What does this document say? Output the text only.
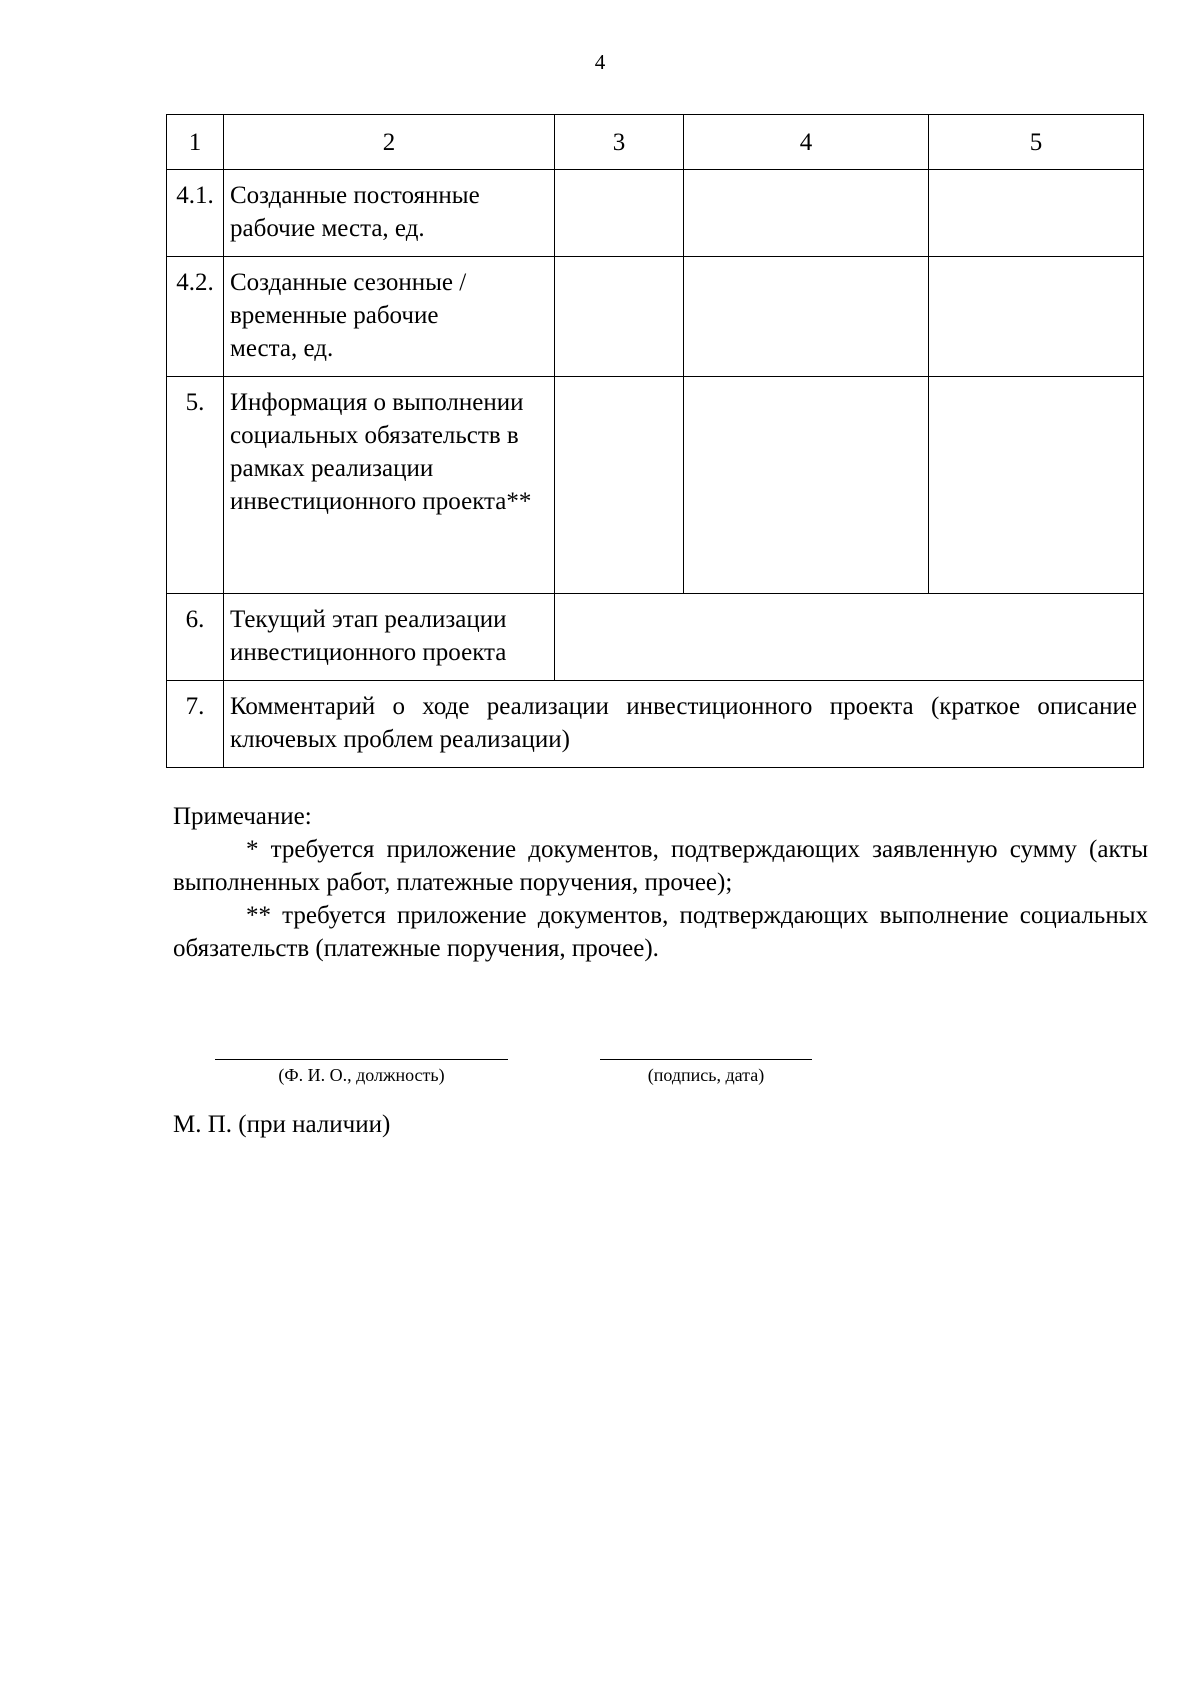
4
1	2	3	4	5
4.1.	Созданные постоянные рабочие места, ед.			
4.2.	Созданные сезонные / временные рабочие места, ед.			

5.	Информация о выполнении социальных обязательств в рамках реализации инвестиционного проекта**			
6.	Текущий этап реализации инвестиционного проекта			
7.	Комментарий о ходе реализации инвестиционного проекта (краткое описание ключевых проблем реализации)			

Примечание:

* требуется приложение документов, подтверждающих заявленную сумму (акты выполненных работ, платежные поручения, прочее);

** требуется приложение документов, подтверждающих выполнение социальных обязательств (платежные поручения, прочее).

(Ф. И. О., должность)	(подпись, дата)
М. П. (при наличии)
